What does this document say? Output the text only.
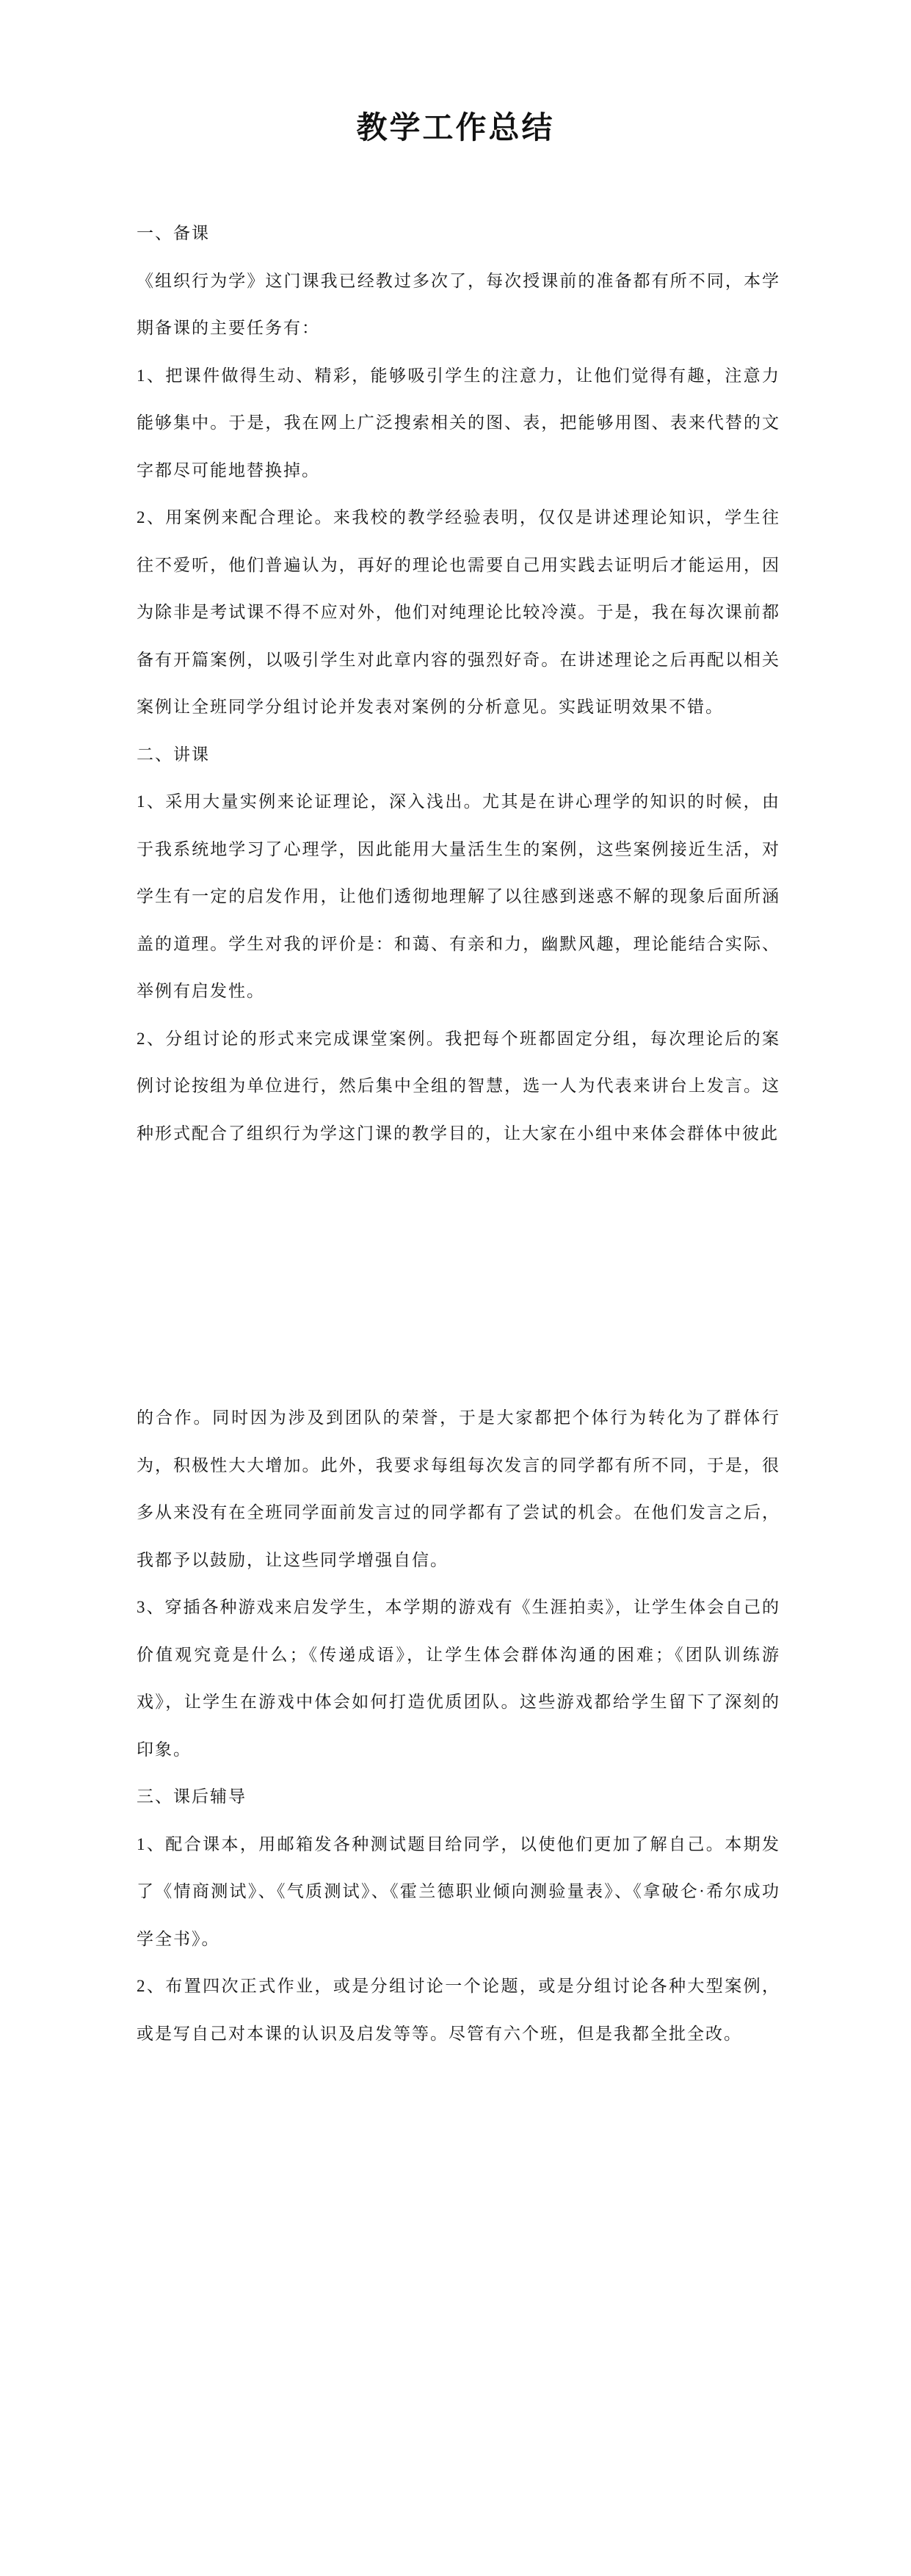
教学工作总结
一、备课

《组织行为学》这门课我已经教过多次了，每次授课前的准备都有所不同，本学期备课的主要任务有：

1、把课件做得生动、精彩，能够吸引学生的注意力，让他们觉得有趣，注意力能够集中。于是，我在网上广泛搜索相关的图、表，把能够用图、表来代替的文字都尽可能地替换掉。

2、用案例来配合理论。来我校的教学经验表明，仅仅是讲述理论知识，学生往往不爱听，他们普遍认为，再好的理论也需要自己用实践去证明后才能运用，因为除非是考试课不得不应对外，他们对纯理论比较冷漠。于是，我在每次课前都备有开篇案例，以吸引学生对此章内容的强烈好奇。在讲述理论之后再配以相关案例让全班同学分组讨论并发表对案例的分析意见。实践证明效果不错。

二、讲课

1、采用大量实例来论证理论，深入浅出。尤其是在讲心理学的知识的时候，由于我系统地学习了心理学，因此能用大量活生生的案例，这些案例接近生活，对学生有一定的启发作用，让他们透彻地理解了以往感到迷惑不解的现象后面所涵盖的道理。学生对我的评价是：和蔼、有亲和力，幽默风趣，理论能结合实际、举例有启发性。

2、分组讨论的形式来完成课堂案例。我把每个班都固定分组，每次理论后的案例讨论按组为单位进行，然后集中全组的智慧，选一人为代表来讲台上发言。这种形式配合了组织行为学这门课的教学目的，让大家在小组中来体会群体中彼此

的合作。同时因为涉及到团队的荣誉，于是大家都把个体行为转化为了群体行为，积极性大大增加。此外，我要求每组每次发言的同学都有所不同，于是，很多从来没有在全班同学面前发言过的同学都有了尝试的机会。在他们发言之后，我都予以鼓励，让这些同学增强自信。

3、穿插各种游戏来启发学生，本学期的游戏有《生涯拍卖》，让学生体会自己的价值观究竟是什么；《传递成语》，让学生体会群体沟通的困难；《团队训练游戏》，让学生在游戏中体会如何打造优质团队。这些游戏都给学生留下了深刻的印象。

三、课后辅导

1、配合课本，用邮箱发各种测试题目给同学，以使他们更加了解自己。本期发了《情商测试》、《气质测试》、《霍兰德职业倾向测验量表》、《拿破仑·希尔成功学全书》。

2、布置四次正式作业，或是分组讨论一个论题，或是分组讨论各种大型案例，或是写自己对本课的认识及启发等等。尽管有六个班，但是我都全批全改。
